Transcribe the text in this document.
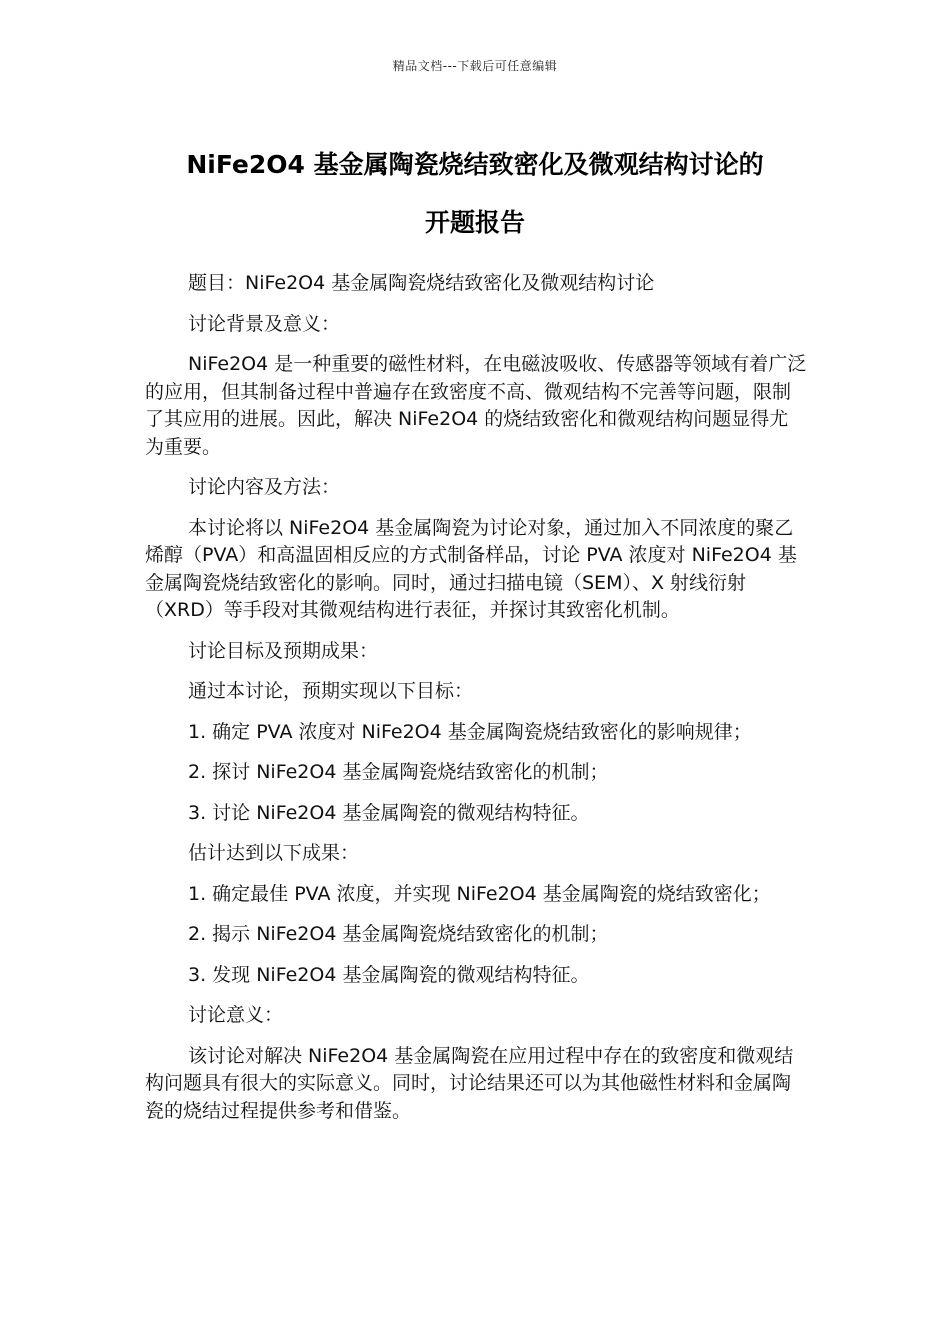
精品文档---下载后可任意编辑
NiFe2O4 基金属陶瓷烧结致密化及微观结构讨论的
开题报告

题目：NiFe2O4 基金属陶瓷烧结致密化及微观结构讨论

讨论背景及意义：

NiFe2O4 是一种重要的磁性材料，在电磁波吸收、传感器等领域有着广泛的应用，但其制备过程中普遍存在致密度不高、微观结构不完善等问题，限制了其应用的进展。因此，解决 NiFe2O4 的烧结致密化和微观结构问题显得尤为重要。

讨论内容及方法：

本讨论将以 NiFe2O4 基金属陶瓷为讨论对象，通过加入不同浓度的聚乙烯醇（PVA）和高温固相反应的方式制备样品，讨论 PVA 浓度对 NiFe2O4 基金属陶瓷烧结致密化的影响。同时，通过扫描电镜（SEM）、X 射线衍射（XRD）等手段对其微观结构进行表征，并探讨其致密化机制。

讨论目标及预期成果：

通过本讨论，预期实现以下目标：

1. 确定 PVA 浓度对 NiFe2O4 基金属陶瓷烧结致密化的影响规律；

2. 探讨 NiFe2O4 基金属陶瓷烧结致密化的机制；

3. 讨论 NiFe2O4 基金属陶瓷的微观结构特征。

估计达到以下成果：

1. 确定最佳 PVA 浓度，并实现 NiFe2O4 基金属陶瓷的烧结致密化；

2. 揭示 NiFe2O4 基金属陶瓷烧结致密化的机制；

3. 发现 NiFe2O4 基金属陶瓷的微观结构特征。

讨论意义：

该讨论对解决 NiFe2O4 基金属陶瓷在应用过程中存在的致密度和微观结构问题具有很大的实际意义。同时，讨论结果还可以为其他磁性材料和金属陶瓷的烧结过程提供参考和借鉴。
